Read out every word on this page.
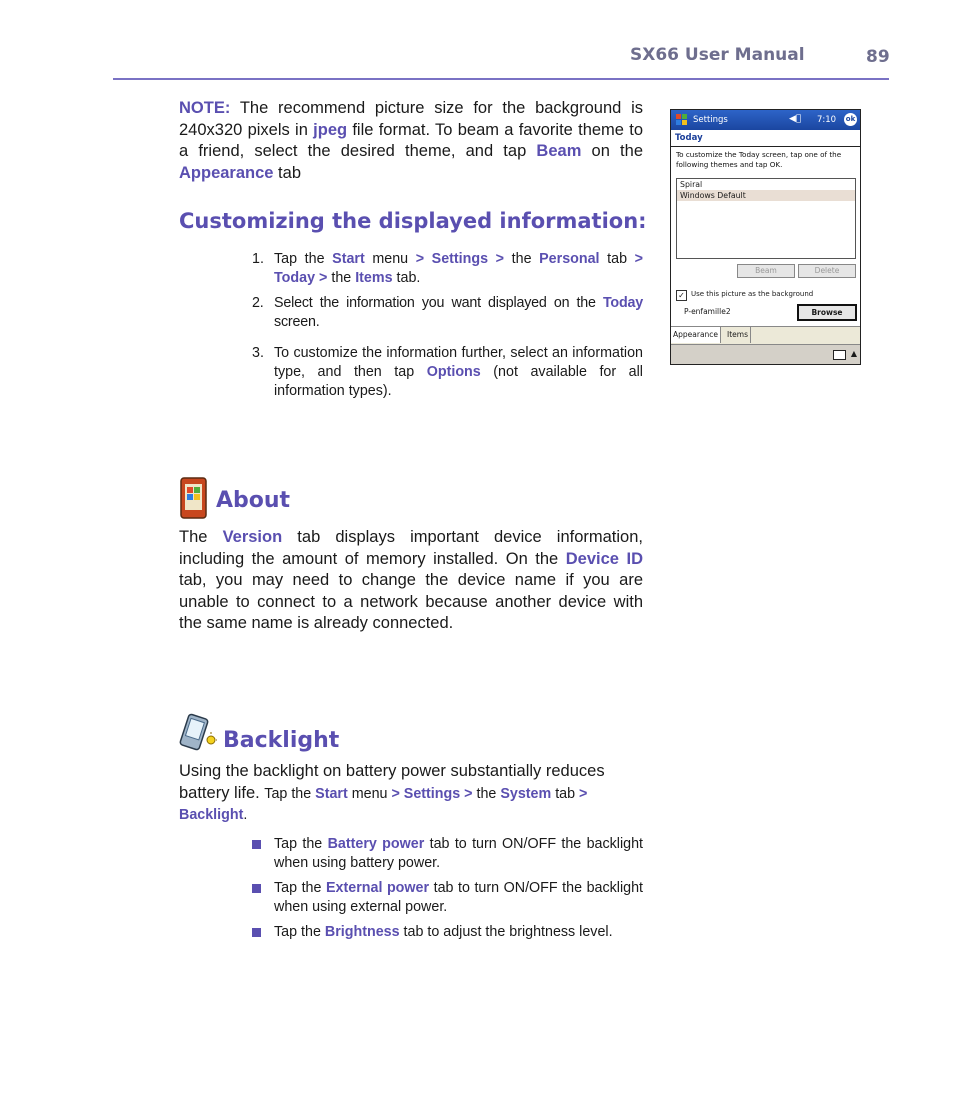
SX66 User Manual	89
NOTE: The recommend picture size for the background is 240x320 pixels in jpeg file format. To beam a favorite theme to a friend, select the desired theme, and tap Beam on the Appearance tab
Customizing the displayed information:
1. Tap the Start menu > Settings > the Personal tab > Today > the Items tab.
2. Select the information you want displayed on the Today screen.
3. To customize the information further, select an information type, and then tap Options (not available for all information types).
Settings	◀ﾞ 7:10 ok
Today
To customize the Today screen, tap one of the following themes and tap OK.
Spiral
Windows Default
Beam	Delete
✓ Use this picture as the background
P-enfamille2	Browse
Appearance	Items
▲
About
The Version tab displays important device information, including the amount of memory installed. On the Device ID tab, you may need to change the device name if you are unable to connect to a network because another device with the same name is already connected.
Backlight
Using the backlight on battery power substantially reduces battery life. Tap the Start menu > Settings > the System tab > Backlight.
Tap the Battery power tab to turn ON/OFF the backlight when using battery power.
Tap the External power tab to turn ON/OFF the backlight when using external power.
Tap the Brightness tab to adjust the brightness level.
